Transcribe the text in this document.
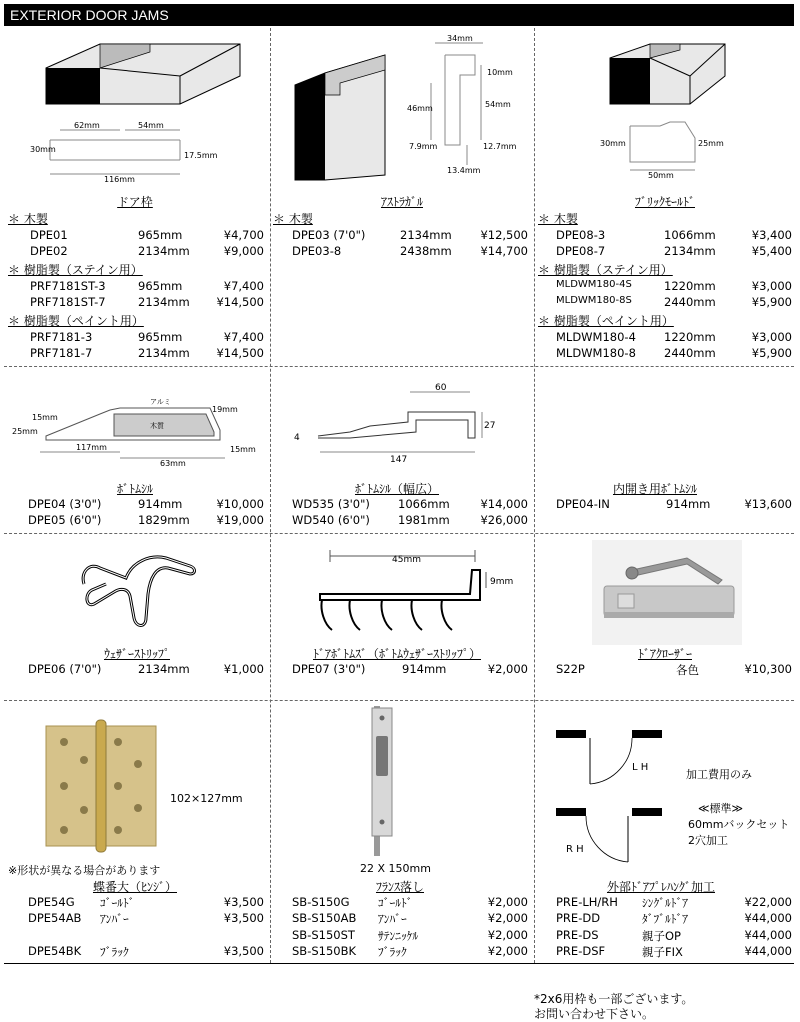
EXTERIOR DOOR JAMS
62mm	54mm
30mm
17.5mm
116mm
ドア枠
＊ 木製
DPE01	965mm	¥4,700
DPE02	2134mm	¥9,000
＊ 樹脂製（ステイン用）
PRF7181ST-3	965mm	¥7,400
PRF7181ST-7	2134mm ¥14,500
＊ 樹脂製（ペイント用）
PRF7181-3	965mm	¥7,400
PRF7181-7	2134mm ¥14,500
34mm
10mm
46mm	54mm
7.9mm	12.7mm
13.4mm
ｱｽﾄﾗｶﾞﾙ
＊ 木製
DPE03 (7'0")	2134mm	¥12,500
DPE03-8	2438mm	¥14,700
30mm	25mm
50mm
ﾌﾞﾘｯｸﾓｰﾙﾄﾞ
＊ 木製
DPE08-3	1066mm	¥3,400
DPE08-7	2134mm	¥5,400
＊ 樹脂製（ステイン用）
MLDWM180-4S	1220mm	¥3,000
MLDWM180-8S	2440mm	¥5,900
＊ 樹脂製（ペイント用）
MLDWM180-4 1220mm	¥3,000
MLDWM180-8 2440mm	¥5,900
15mm
25mm
アルミ
木質
19mm
117mm
63mm
15mm
ﾎﾞﾄﾑｼﾙ
DPE04 (3'0")	914mm	¥10,000
DPE05 (6'0")	1829mm ¥19,000
60
4
27
147
ﾎﾞﾄﾑｼﾙ（幅広）
WD535 (3'0") 1066mm	¥14,000
WD540 (6'0") 1981mm	¥26,000
内開き用ﾎﾞﾄﾑｼﾙ
DPE04-IN	914mm	¥13,600
ｳｪｻﾞｰｽﾄﾘｯﾌﾟ
DPE06 (7'0")	2134mm	¥1,000
45mm
9mm
ﾄﾞｱﾎﾞﾄﾑｽﾞ（ﾎﾞﾄﾑｳｪｻﾞｰｽﾄﾘｯﾌﾟ）
DPE07 (3'0")	914mm	¥2,000
ﾄﾞｱｸﾛｰｻﾞｰ
S22P	各色	¥10,300
102×127mm
※形状が異なる場合があります
蝶番大（ﾋﾝｼﾞ）
DPE54G ｺﾞｰﾙﾄﾞ	¥3,500
DPE54AB ｱﾝﾊﾞｰ	¥3,500
DPE54BK ﾌﾞﾗｯｸ	¥3,500
22 X 150mm
ﾌﾗﾝｽ落し
SB-S150G ｺﾞｰﾙﾄﾞ	¥2,000
SB-S150AB ｱﾝﾊﾞｰ	¥2,000
SB-S150ST ｻﾃﾝﾆｯｹﾙ	¥2,000
SB-S150BK ﾌﾞﾗｯｸ	¥2,000
L H
加工費用のみ
≪標準≫
60mmバックセット
2穴加工
R H
外部ﾄﾞｱﾌﾟﾚﾊﾝｸﾞ加工
PRE-LH/RH ｼﾝｸﾞﾙﾄﾞｱ	¥22,000
PRE-DD	ﾀﾞﾌﾞﾙﾄﾞｱ	¥44,000
PRE-DS	親子OP	¥44,000
PRE-DSF	親子FIX	¥44,000
*2x6用枠も一部ございます。
お問い合わせ下さい。
